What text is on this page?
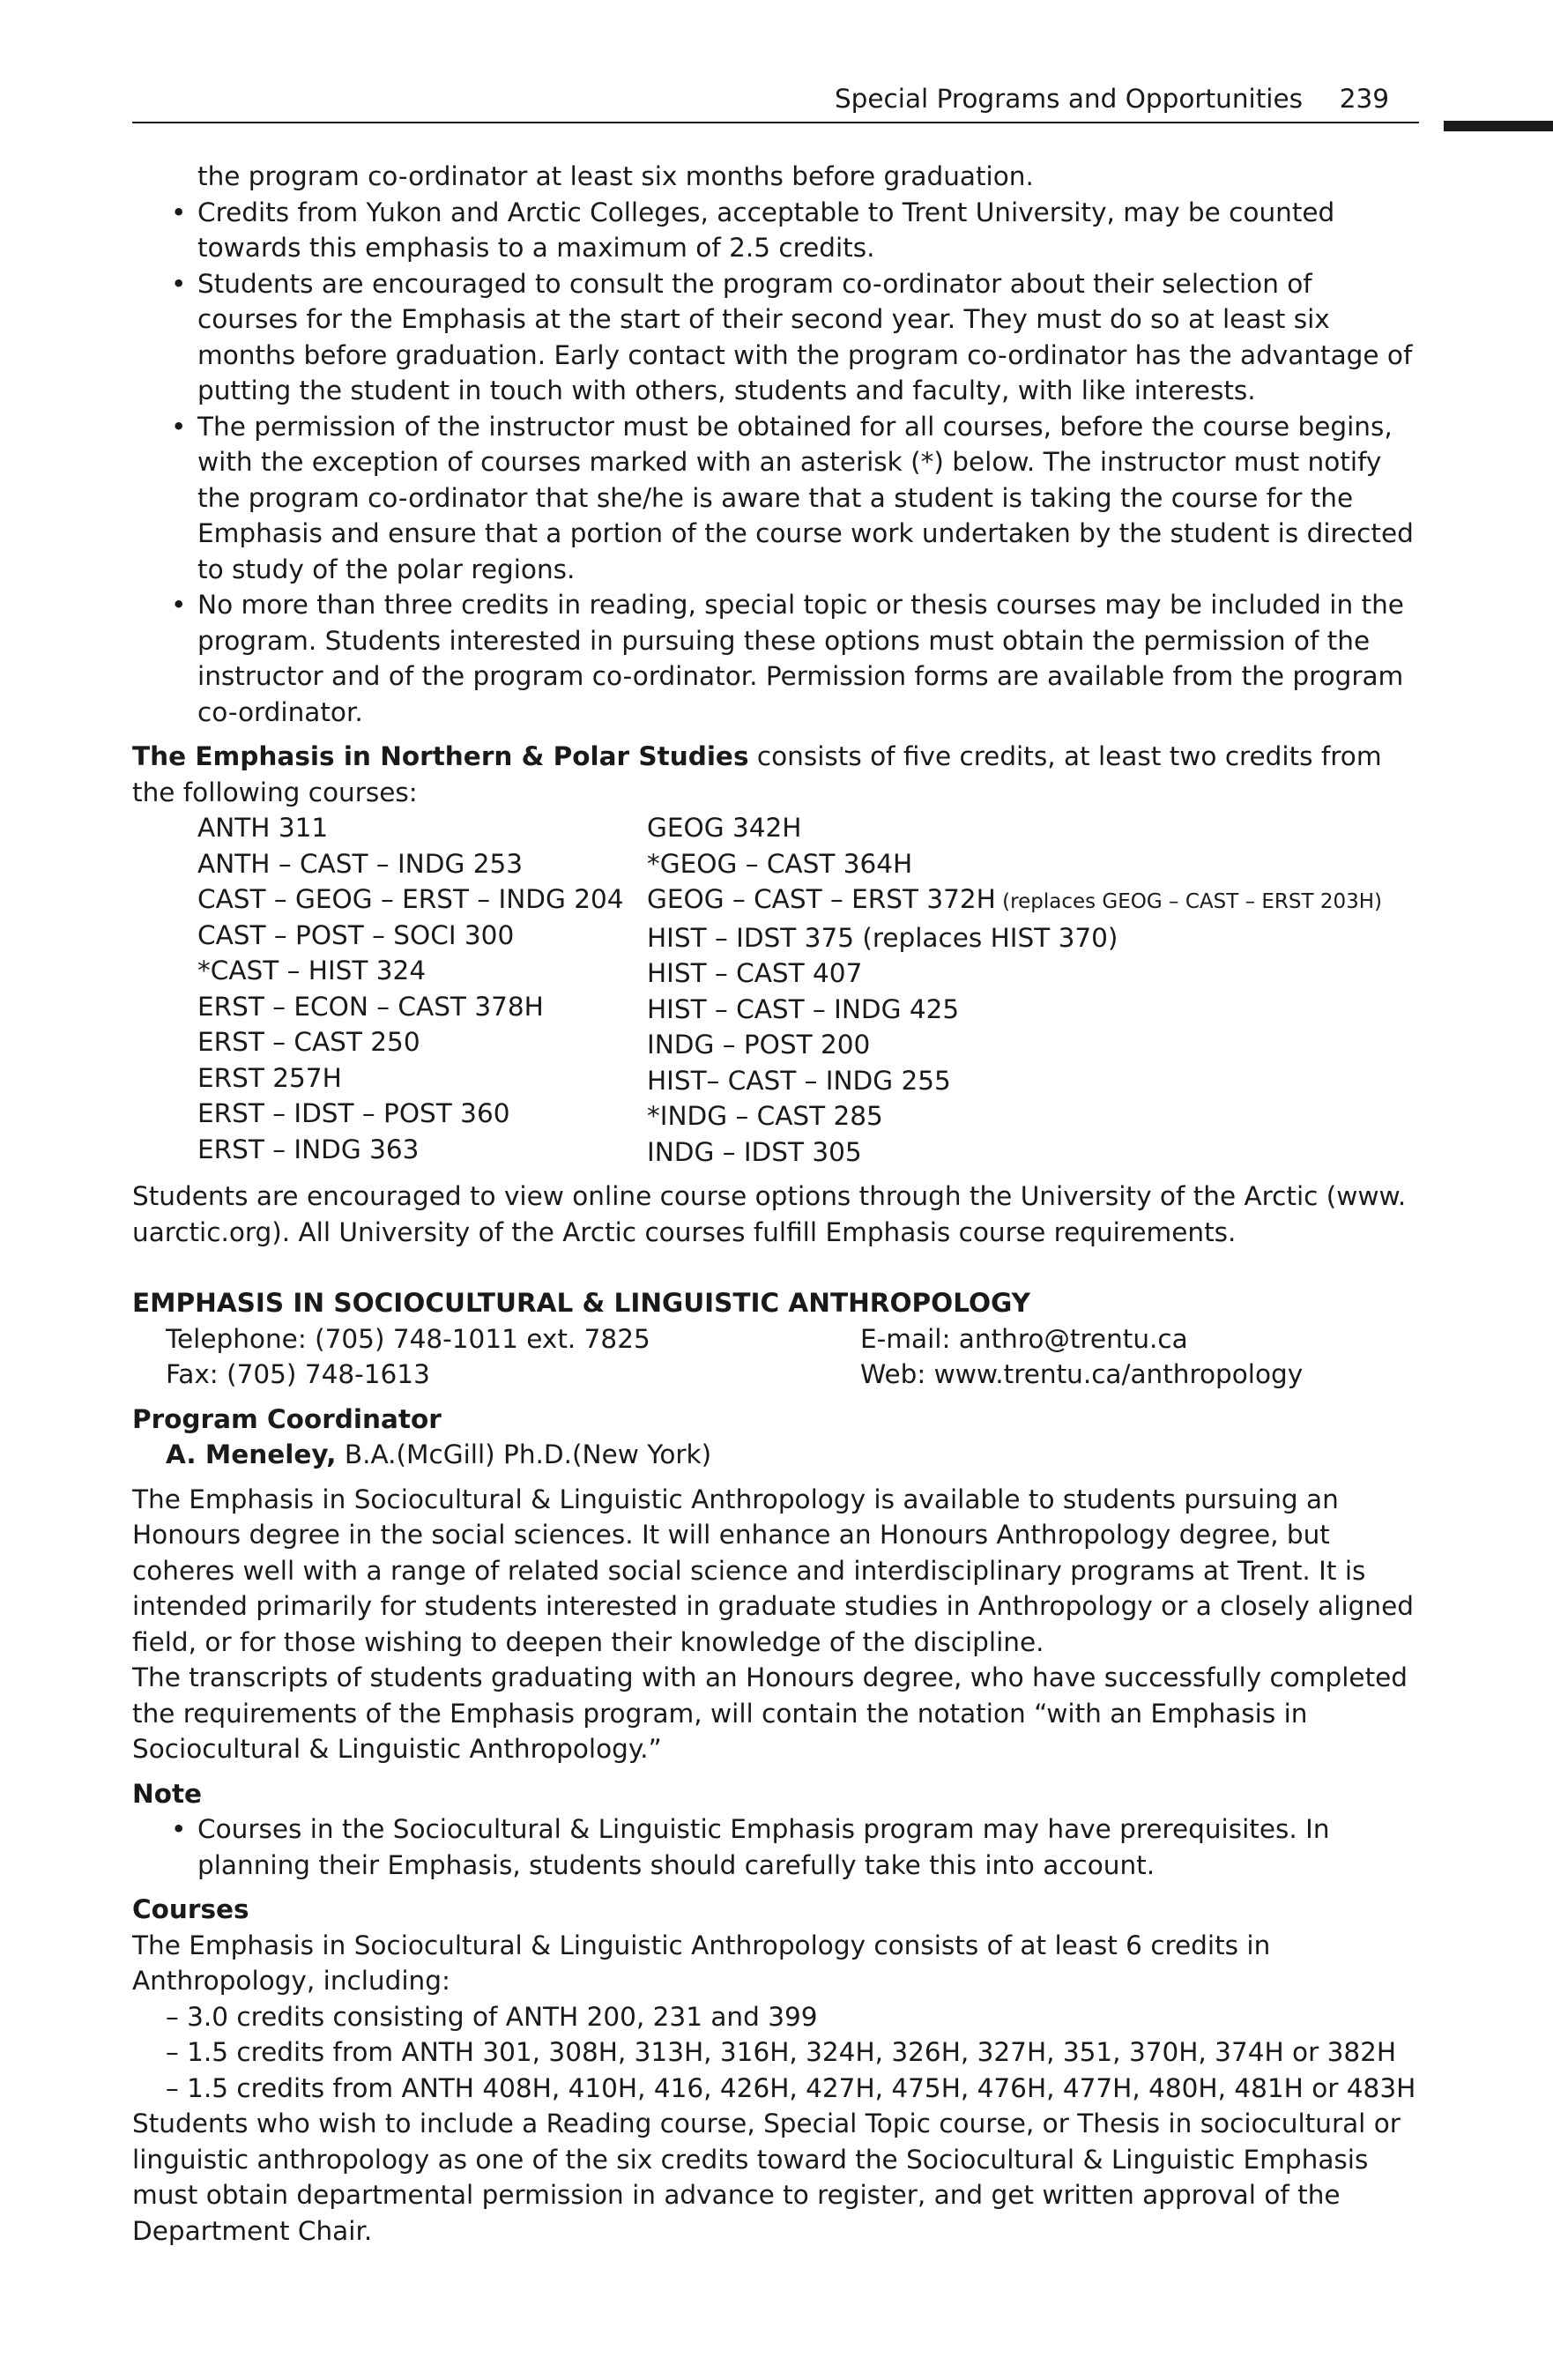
Special Programs and Opportunities 239

the program co-ordinator at least six months before graduation.

• Credits from Yukon and Arctic Colleges, acceptable to Trent University, may be counted towards this emphasis to a maximum of 2.5 credits.
• Students are encouraged to consult the program co-ordinator about their selection of courses for the Emphasis at the start of their second year. They must do so at least six months before graduation. Early contact with the program co-ordinator has the advantage of putting the student in touch with others, students and faculty, with like interests.
• The permission of the instructor must be obtained for all courses, before the course begins, with the exception of courses marked with an asterisk (*) below. The instructor must notify the program co-ordinator that she/he is aware that a student is taking the course for the Emphasis and ensure that a portion of the course work undertaken by the student is directed to study of the polar regions.
• No more than three credits in reading, special topic or thesis courses may be included in the program. Students interested in pursuing these options must obtain the permission of the instructor and of the program co-ordinator. Permission forms are available from the program co-ordinator.

The Emphasis in Northern & Polar Studies consists of five credits, at least two credits from the following courses:

ANTH 311
ANTH – CAST – INDG 253
CAST – GEOG – ERST – INDG 204
CAST – POST – SOCI 300
*CAST – HIST 324
ERST – ECON – CAST 378H
ERST – CAST 250
ERST 257H
ERST – IDST – POST 360
ERST – INDG 363
GEOG 342H
*GEOG – CAST 364H
GEOG – CAST – ERST 372H (replaces GEOG – CAST – ERST 203H)
HIST – IDST 375 (replaces HIST 370)
HIST – CAST 407
HIST – CAST – INDG 425
INDG – POST 200
HIST– CAST – INDG 255
*INDG – CAST 285
INDG – IDST 305

Students are encouraged to view online course options through the University of the Arctic (www. uarctic.org). All University of the Arctic courses fulfill Emphasis course requirements.

EMPHASIS IN SOCIOCULTURAL & LINGUISTIC ANTHROPOLOGY

Telephone: (705) 748-1011 ext. 7825	E-mail: anthro@trentu.ca
Fax: (705) 748-1613	Web: www.trentu.ca/anthropology

Program Coordinator

A. Meneley, B.A.(McGill) Ph.D.(New York)

The Emphasis in Sociocultural & Linguistic Anthropology is available to students pursuing an Honours degree in the social sciences. It will enhance an Honours Anthropology degree, but coheres well with a range of related social science and interdisciplinary programs at Trent. It is intended primarily for students interested in graduate studies in Anthropology or a closely aligned field, or for those wishing to deepen their knowledge of the discipline.

The transcripts of students graduating with an Honours degree, who have successfully completed the requirements of the Emphasis program, will contain the notation “with an Emphasis in Sociocultural & Linguistic Anthropology.”

Note

• Courses in the Sociocultural & Linguistic Emphasis program may have prerequisites. In planning their Emphasis, students should carefully take this into account.

Courses

The Emphasis in Sociocultural & Linguistic Anthropology consists of at least 6 credits in Anthropology, including:

– 3.0 credits consisting of ANTH 200, 231 and 399

– 1.5 credits from ANTH 301, 308H, 313H, 316H, 324H, 326H, 327H, 351, 370H, 374H or 382H

– 1.5 credits from ANTH 408H, 410H, 416, 426H, 427H, 475H, 476H, 477H, 480H, 481H or 483H

Students who wish to include a Reading course, Special Topic course, or Thesis in sociocultural or linguistic anthropology as one of the six credits toward the Sociocultural & Linguistic Emphasis must obtain departmental permission in advance to register, and get written approval of the Department Chair.
